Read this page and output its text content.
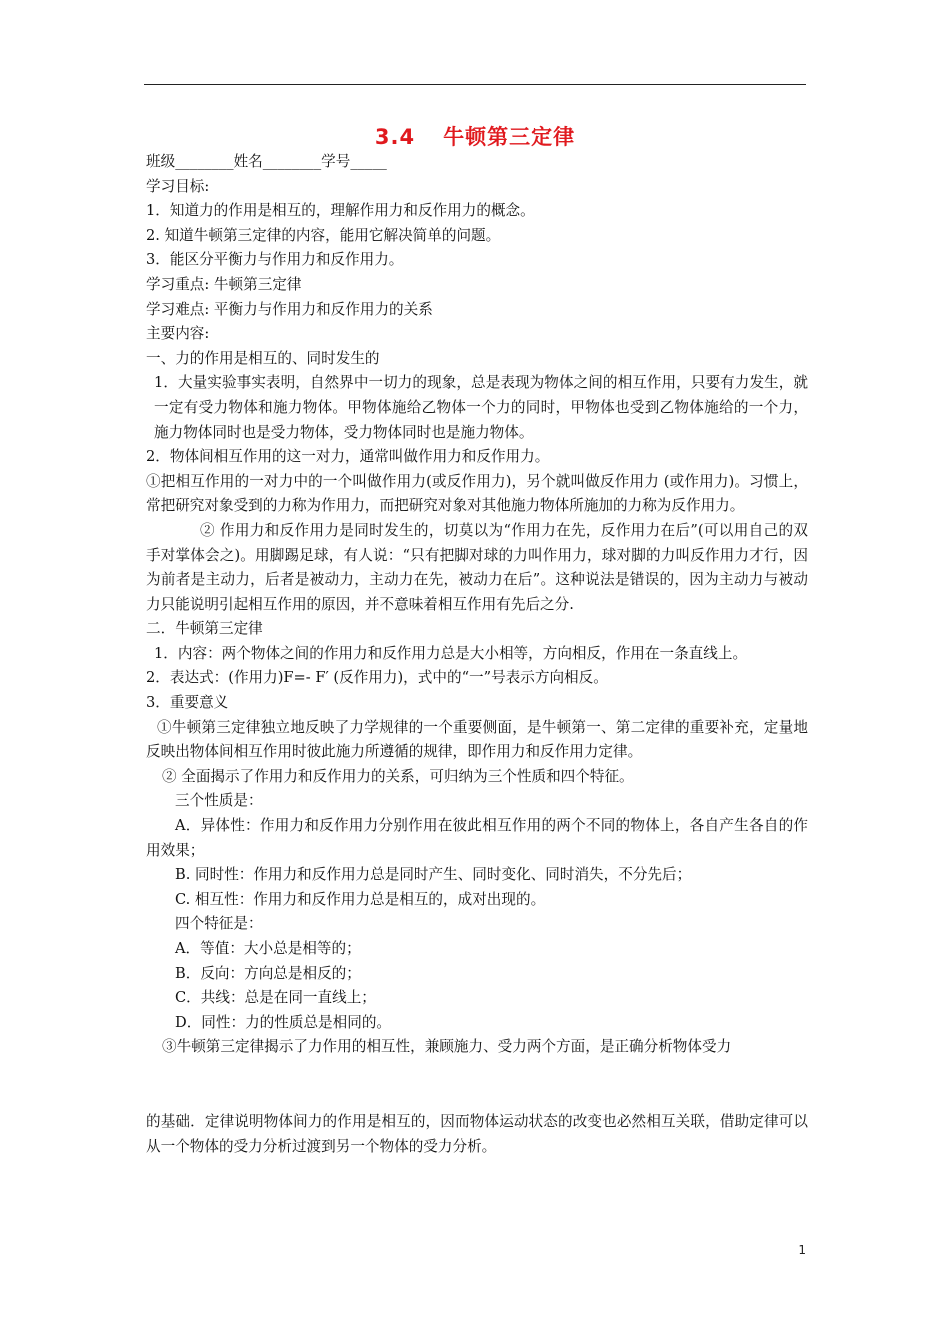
3.4 牛顿第三定律

班级________姓名________学号_____

学习目标:

1．知道力的作用是相互的，理解作用力和反作用力的概念。

2. 知道牛顿第三定律的内容，能用它解决简单的问题。

3．能区分平衡力与作用力和反作用力。

学习重点: 牛顿第三定律

学习难点: 平衡力与作用力和反作用力的关系

主要内容:

一、力的作用是相互的、同时发生的

1．大量实验事实表明，自然界中一切力的现象，总是表现为物体之间的相互作用，只要有力发生，就一定有受力物体和施力物体。甲物体施给乙物体一个力的同时，甲物体也受到乙物体施给的一个力，施力物体同时也是受力物体，受力物体同时也是施力物体。

2．物体间相互作用的这一对力，通常叫做作用力和反作用力。

①把相互作用的一对力中的一个叫做作用力(或反作用力)，另个就叫做反作用力 (或作用力)。习惯上，常把研究对象受到的力称为作用力，而把研究对象对其他施力物体所施加的力称为反作用力。

② 作用力和反作用力是同时发生的，切莫以为“作用力在先，反作用力在后”(可以用自己的双手对掌体会之)。用脚踢足球，有人说：“只有把脚对球的力叫作用力，球对脚的力叫反作用力才行，因为前者是主动力，后者是被动力，主动力在先，被动力在后”。这种说法是错误的，因为主动力与被动力只能说明引起相互作用的原因，并不意味着相互作用有先后之分.

二．牛顿第三定律

1．内容：两个物体之间的作用力和反作用力总是大小相等，方向相反，作用在一条直线上。

2．表达式：(作用力)F=- F′ (反作用力)，式中的“一”号表示方向相反。

3．重要意义

①牛顿第三定律独立地反映了力学规律的一个重要侧面，是牛顿第一、第二定律的重要补充，定量地反映出物体间相互作用时彼此施力所遵循的规律，即作用力和反作用力定律。

② 全面揭示了作用力和反作用力的关系，可归纳为三个性质和四个特征。

三个性质是：

A．异体性：作用力和反作用力分别作用在彼此相互作用的两个不同的物体上，各自产生各自的作用效果；

B. 同时性：作用力和反作用力总是同时产生、同时变化、同时消失，不分先后；

C. 相互性：作用力和反作用力总是相互的，成对出现的。

四个特征是：

A．等值：大小总是相等的；

B．反向：方向总是相反的；

C．共线：总是在同一直线上；

D．同性：力的性质总是相同的。

③牛顿第三定律揭示了力作用的相互性，兼顾施力、受力两个方面，是正确分析物体受力

的基础．定律说明物体间力的作用是相互的，因而物体运动状态的改变也必然相互关联，借助定律可以从一个物体的受力分析过渡到另一个物体的受力分析。

1
